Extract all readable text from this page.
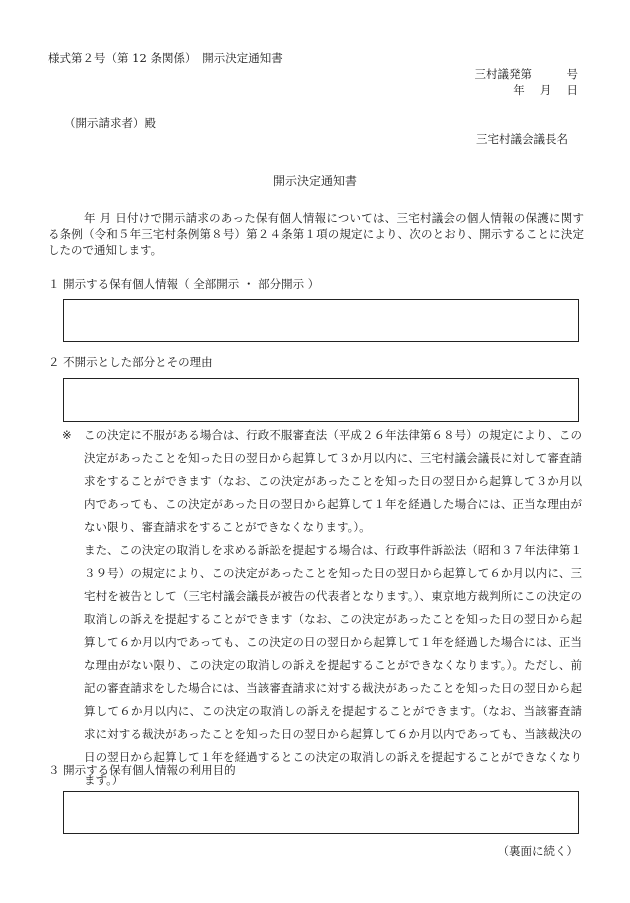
様式第２号（第 12 条関係）　開示決定通知書
三村議発第　　　号
年　 月　 日
（開示請求者）殿
三宅村議会議長名
開示決定通知書
年 月 日付けで開示請求のあった保有個人情報については、三宅村議会の個人情報の保護に関する条例（令和５年三宅村条例第８号）第２４条第１項の規定により、次のとおり、開示することに決定したので通知します。
１ 開示する保有個人情報（ 全部開示 ・ 部分開示 ）
２ 不開示とした部分とその理由
※ この決定に不服がある場合は、行政不服審査法（平成２６年法律第６８号）の規定により、この決定があったことを知った日の翌日から起算して３か月以内に、三宅村議会議長に対して審査請求をすることができます（なお、この決定があったことを知った日の翌日から起算して３か月以内であっても、この決定があった日の翌日から起算して１年を経過した場合には、正当な理由がない限り、審査請求をすることができなくなります。）。
また、この決定の取消しを求める訴訟を提起する場合は、行政事件訴訟法（昭和３７年法律第１３９号）の規定により、この決定があったことを知った日の翌日から起算して６か月以内に、三宅村を被告として（三宅村議会議長が被告の代表者となります。）、東京地方裁判所にこの決定の取消しの訴えを提起することができます（なお、この決定があったことを知った日の翌日から起算して６か月以内であっても、この決定の日の翌日から起算して１年を経過した場合には、正当な理由がない限り、この決定の取消しの訴えを提起することができなくなります。）。ただし、前記の審査請求をした場合には、当該審査請求に対する裁決があったことを知った日の翌日から起算して６か月以内に、この決定の取消しの訴えを提起することができます。（なお、当該審査請求に対する裁決があったことを知った日の翌日から起算して６か月以内であっても、当該裁決の日の翌日から起算して１年を経過するとこの決定の取消しの訴えを提起することができなくなります。）
３ 開示する保有個人情報の利用目的
（裏面に続く）
